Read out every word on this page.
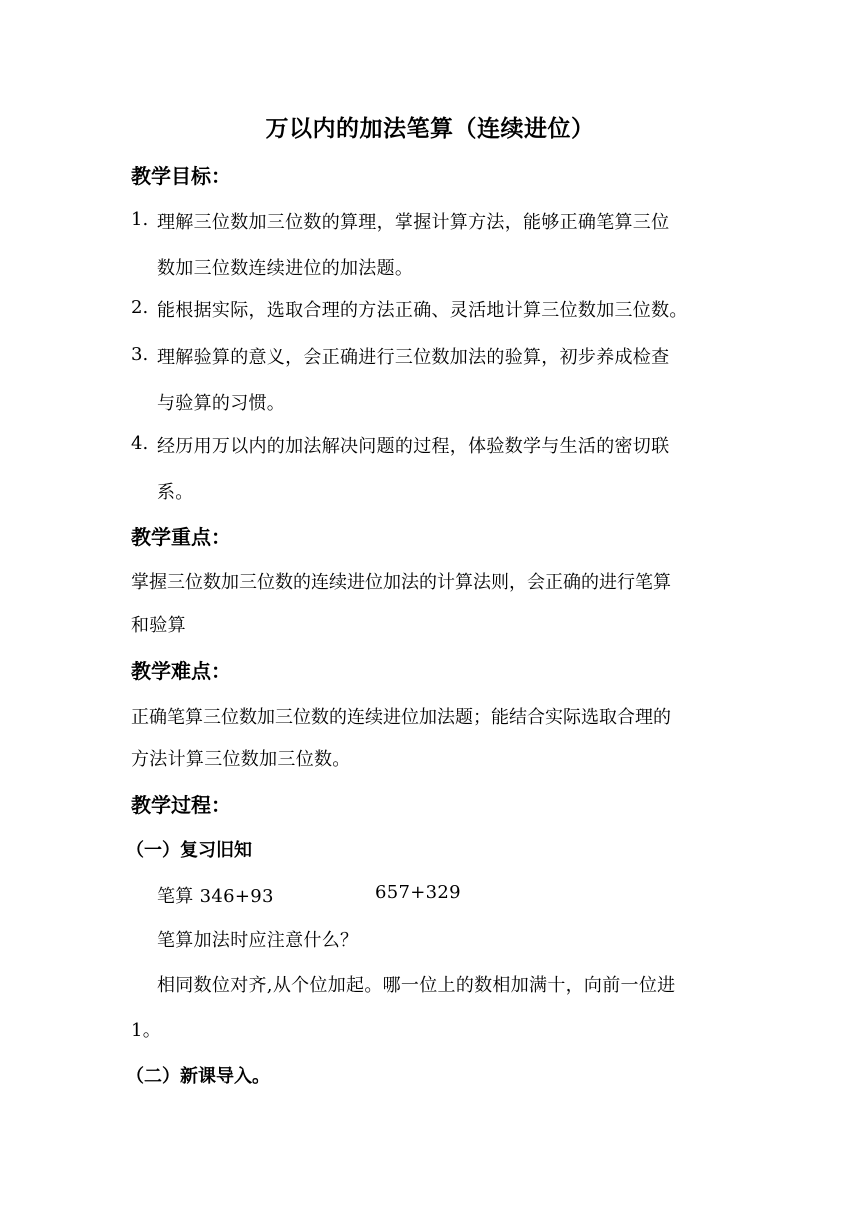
万以内的加法笔算（连续进位）
教学目标：
1. 理解三位数加三位数的算理，掌握计算方法，能够正确笔算三位
数加三位数连续进位的加法题。
2. 能根据实际，选取合理的方法正确、灵活地计算三位数加三位数。
3. 理解验算的意义，会正确进行三位数加法的验算，初步养成检查
与验算的习惯。
4. 经历用万以内的加法解决问题的过程，体验数学与生活的密切联
系。
教学重点：
掌握三位数加三位数的连续进位加法的计算法则，会正确的进行笔算
和验算
教学难点：
正确笔算三位数加三位数的连续进位加法题；能结合实际选取合理的
方法计算三位数加三位数。
教学过程：
（一）复习旧知
笔算 346+93	657+329
笔算加法时应注意什么？
相同数位对齐,从个位加起。哪一位上的数相加满十，向前一位进
1。
（二）新课导入。
